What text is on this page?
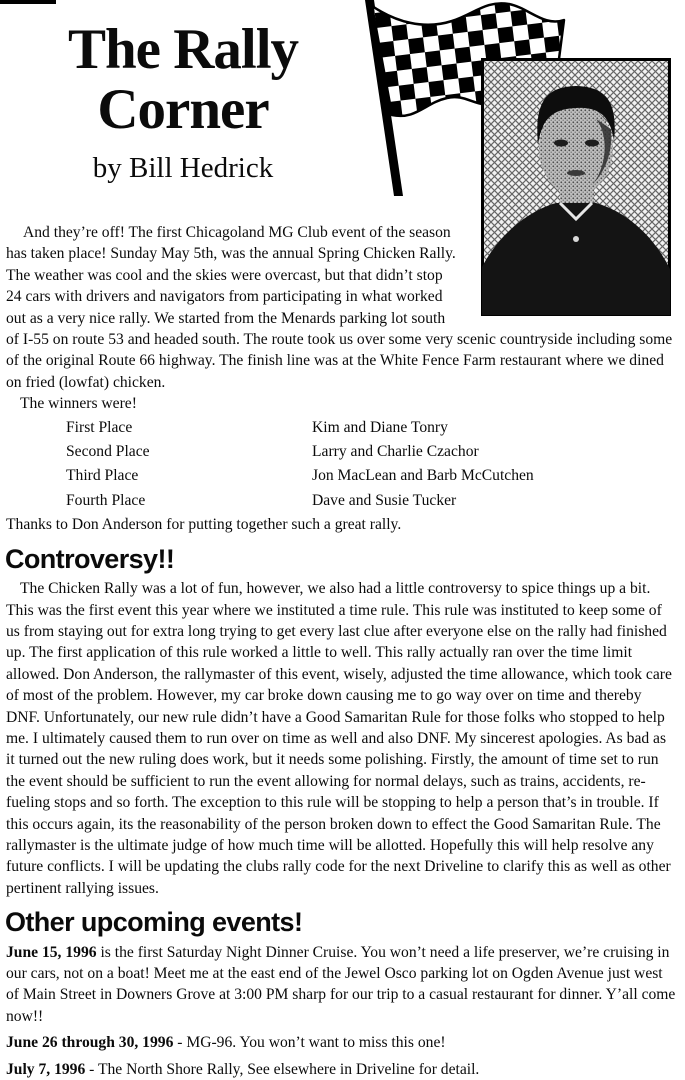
The Rally
Corner
by Bill Hedrick

And they’re off! The first Chicagoland MG Club event of the season has taken place! Sunday May 5th, was the annual Spring Chicken Rally. The weather was cool and the skies were overcast, but that didn’t stop 24 cars with drivers and navigators from participating in what worked out as a very nice rally. We started from the Menards parking lot south of I-55 on route 53 and headed south. The route took us over some very scenic countryside including some of the original Route 66 highway. The finish line was at the White Fence Farm restaurant where we dined on fried (lowfat) chicken.

The winners were!

First Place	Kim and Diane Tonry
Second Place	Larry and Charlie Czachor
Third Place	Jon MacLean and Barb McCutchen
Fourth Place	Dave and Susie Tucker

Thanks to Don Anderson for putting together such a great rally.

Controversy!!

The Chicken Rally was a lot of fun, however, we also had a little controversy to spice things up a bit. This was the first event this year where we instituted a time rule. This rule was instituted to keep some of us from staying out for extra long trying to get every last clue after everyone else on the rally had finished up. The first application of this rule worked a little to well. This rally actually ran over the time limit allowed. Don Anderson, the rallymaster of this event, wisely, adjusted the time allowance, which took care of most of the problem. However, my car broke down causing me to go way over on time and thereby DNF. Unfortunately, our new rule didn’t have a Good Samaritan Rule for those folks who stopped to help me. I ultimately caused them to run over on time as well and also DNF. My sincerest apologies. As bad as it turned out the new ruling does work, but it needs some polishing. Firstly, the amount of time set to run the event should be sufficient to run the event allowing for normal delays, such as trains, accidents, re-fueling stops and so forth. The exception to this rule will be stopping to help a person that’s in trouble. If this occurs again, its the reasonability of the person broken down to effect the Good Samaritan Rule. The rallymaster is the ultimate judge of how much time will be allotted. Hopefully this will help resolve any future conflicts. I will be updating the clubs rally code for the next Driveline to clarify this as well as other pertinent rallying issues.

Other upcoming events!
June 15, 1996 is the first Saturday Night Dinner Cruise. You won’t need a life preserver, we’re cruising in our cars, not on a boat! Meet me at the east end of the Jewel Osco parking lot on Ogden Avenue just west of Main Street in Downers Grove at 3:00 PM sharp for our trip to a casual restaurant for dinner. Y’all come now!!
June 26 through 30, 1996 - MG-96. You won’t want to miss this one!
July 7, 1996 - The North Shore Rally, See elsewhere in Driveline for detail.
